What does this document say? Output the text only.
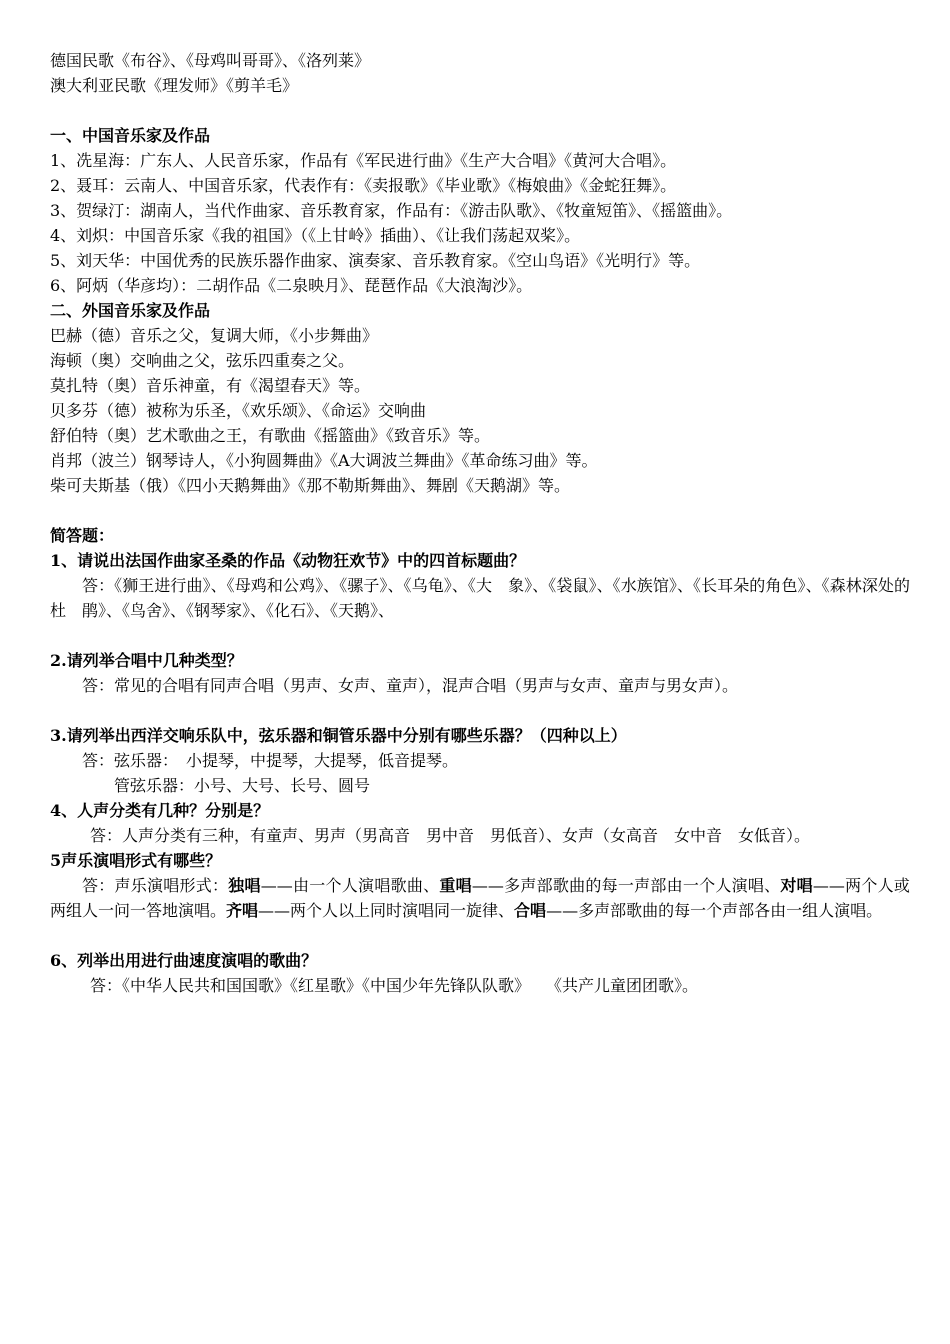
德国民歌《布谷》、《母鸡叫哥哥》、《洛列莱》
澳大利亚民歌《理发师》《剪羊毛》
一、中国音乐家及作品
1、冼星海：广东人、人民音乐家，作品有《军民进行曲》《生产大合唱》《黄河大合唱》。
2、聂耳：云南人、中国音乐家，代表作有：《卖报歌》《毕业歌》《梅娘曲》《金蛇狂舞》。
3、贺绿汀：湖南人，当代作曲家、音乐教育家，作品有：《游击队歌》、《牧童短笛》、《摇篮曲》。
4、刘炽：中国音乐家《我的祖国》（《上甘岭》插曲）、《让我们荡起双桨》。
5、刘天华：中国优秀的民族乐器作曲家、演奏家、音乐教育家。《空山鸟语》《光明行》等。
6、阿炳（华彦均）：二胡作品《二泉映月》、琵琶作品《大浪淘沙》。
二、外国音乐家及作品
巴赫（德）音乐之父，复调大师，《小步舞曲》
海顿（奥）交响曲之父，弦乐四重奏之父。
莫扎特（奥）音乐神童，有《渴望春天》等。
贝多芬（德）被称为乐圣，《欢乐颂》、《命运》交响曲
舒伯特（奥）艺术歌曲之王，有歌曲《摇篮曲》《致音乐》等。
肖邦（波兰）钢琴诗人，《小狗圆舞曲》《A大调波兰舞曲》《革命练习曲》等。
柴可夫斯基（俄）《四小天鹅舞曲》《那不勒斯舞曲》、舞剧《天鹅湖》等。
简答题：
1、请说出法国作曲家圣桑的作品《动物狂欢节》中的四首标题曲？
答：《狮王进行曲》、《母鸡和公鸡》、《骡子》、《乌龟》、《大　象》、《袋鼠》、《水族馆》、《长耳朵的角色》、《森林深处的杜　鹃》、《鸟舍》、《钢琴家》、《化石》、《天鹅》、
2.请列举合唱中几种类型？
答：常见的合唱有同声合唱（男声、女声、童声），混声合唱（男声与女声、童声与男女声）。
3.请列举出西洋交响乐队中，弦乐器和铜管乐器中分别有哪些乐器？（四种以上）
答：弦乐器：　小提琴，中提琴，大提琴，低音提琴。
管弦乐器：小号、大号、长号、圆号
4、人声分类有几种？分别是？
答：人声分类有三种，有童声、男声（男高音　男中音　男低音）、女声（女高音　女中音　女低音）。
5声乐演唱形式有哪些？
答：声乐演唱形式：独唱——由一个人演唱歌曲、重唱——多声部歌曲的每一声部由一个人演唱、对唱——两个人或两组人一问一答地演唱。齐唱——两个人以上同时演唱同一旋律、合唱——多声部歌曲的每一个声部各由一组人演唱。
6、列举出用进行曲速度演唱的歌曲？
答：《中华人民共和国国歌》《红星歌》《中国少年先锋队队歌》　　《共产儿童团团歌》。
